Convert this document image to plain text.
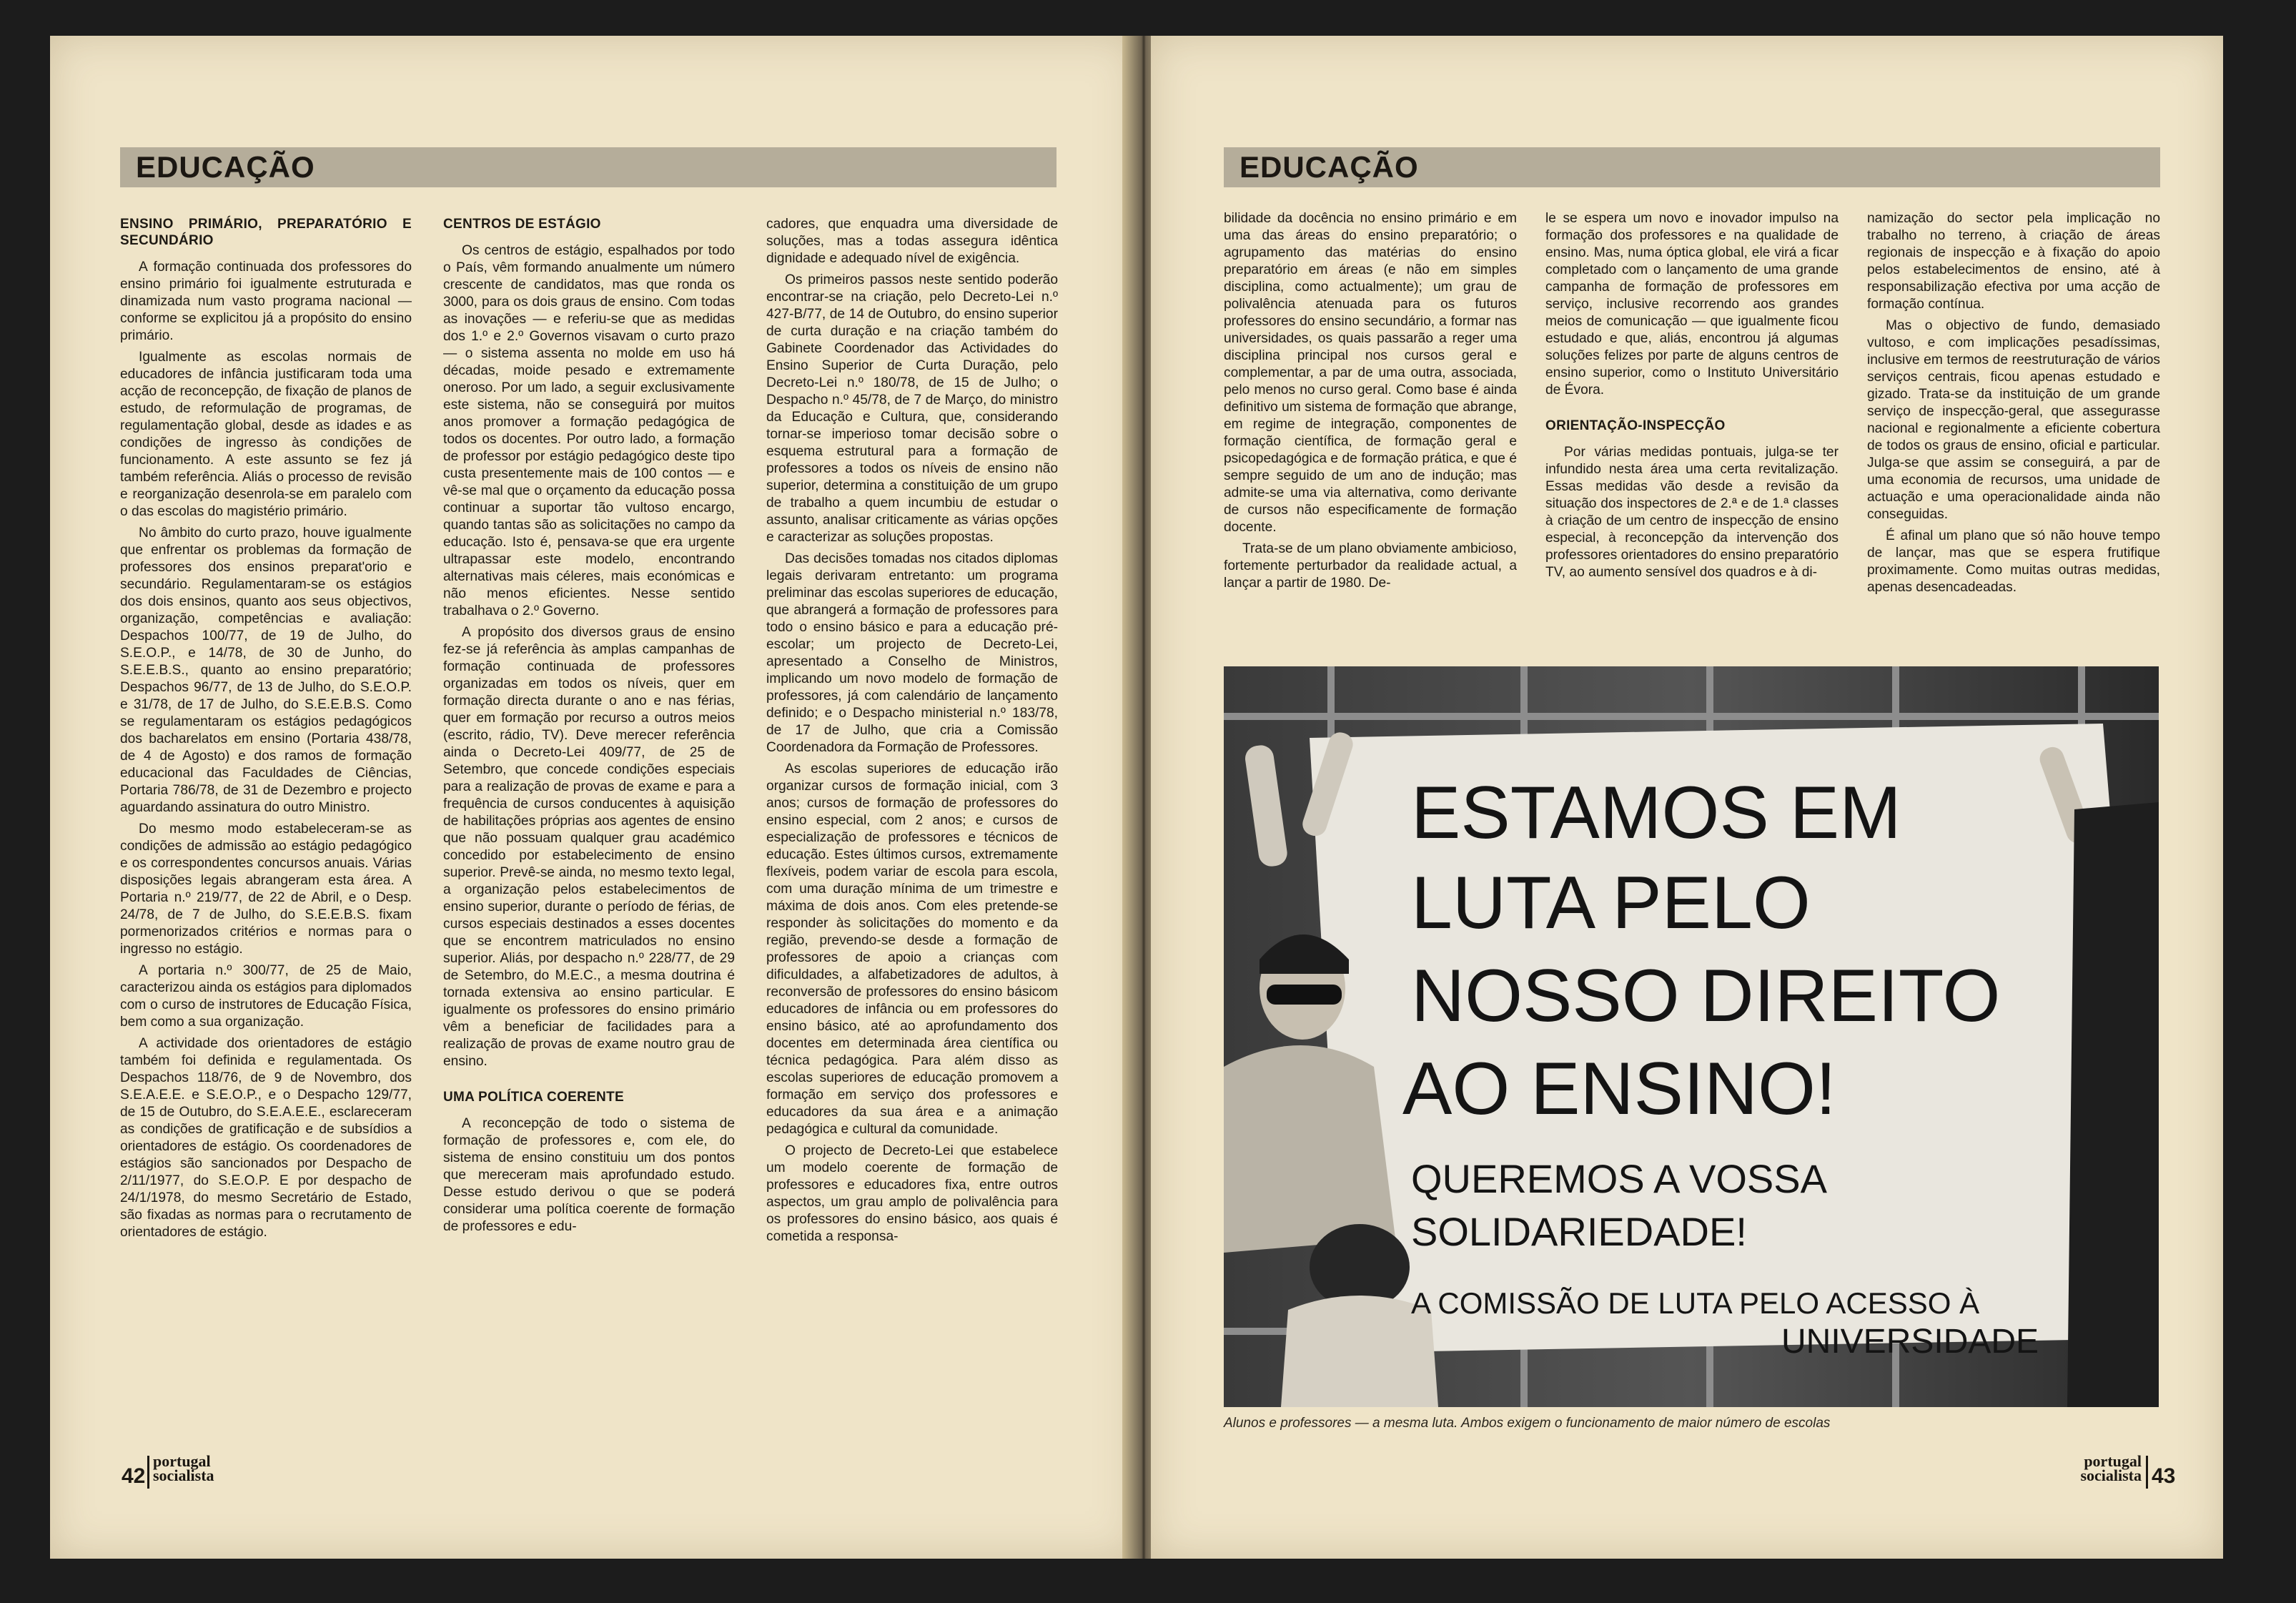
EDUCAÇÃO
ENSINO PRIMÁRIO, PREPARATÓRIO E SECUNDÁRIO

A formação continuada dos professores do ensino primário foi igualmente estruturada e dinamizada num vasto programa nacional — conforme se explicitou já a propósito do ensino primário.

Igualmente as escolas normais de educadores de infância justificaram toda uma acção de reconcepção, de fixação de planos de estudo, de reformulação de programas, de regulamentação global, desde as idades e as condições de ingresso às condições de funcionamento. A este assunto se fez já também referência. Aliás o processo de revisão e reorganização desenrola-se em paralelo com o das escolas do magistério primário.

No âmbito do curto prazo, houve igualmente que enfrentar os problemas da formação de professores dos ensinos preparat'orio e secundário. Regulamentaram-se os estágios dos dois ensinos, quanto aos seus objectivos, organização, competências e avaliação: Despachos 100/77, de 19 de Julho, do S.E.O.P., e 14/78, de 30 de Junho, do S.E.E.B.S., quanto ao ensino preparatório; Despachos 96/77, de 13 de Julho, do S.E.O.P. e 31/78, de 17 de Julho, do S.E.E.B.S. Como se regulamentaram os estágios pedagógicos dos bacharelatos em ensino (Portaria 438/78, de 4 de Agosto) e dos ramos de formação educacional das Faculdades de Ciências, Portaria 786/78, de 31 de Dezembro e projecto aguardando assinatura do outro Ministro.

Do mesmo modo estabeleceram-se as condições de admissão ao estágio pedagógico e os correspondentes concursos anuais. Várias disposições legais abrangeram esta área. A Portaria n.º 219/77, de 22 de Abril, e o Desp. 24/78, de 7 de Julho, do S.E.E.B.S. fixam pormenorizados critérios e normas para o ingresso no estágio.

A portaria n.º 300/77, de 25 de Maio, caracterizou ainda os estágios para diplomados com o curso de instrutores de Educação Física, bem como a sua organização.

A actividade dos orientadores de estágio também foi definida e regulamentada. Os Despachos 118/76, de 9 de Novembro, dos S.E.A.E.E. e S.E.O.P., e o Despacho 129/77, de 15 de Outubro, do S.E.A.E.E., esclareceram as condições de gratificação e de subsídios a orientadores de estágio. Os coordenadores de estágios são sancionados por Despacho de 2/11/1977, do S.E.O.P. E por despacho de 24/1/1978, do mesmo Secretário de Estado, são fixadas as normas para o recrutamento de orientadores de estágio.

CENTROS DE ESTÁGIO

Os centros de estágio, espalhados por todo o País, vêm formando anualmente um número crescente de candidatos, mas que ronda os 3000, para os dois graus de ensino. Com todas as inovações — e referiu-se que as medidas dos 1.º e 2.º Governos visavam o curto prazo — o sistema assenta no molde em uso há décadas, moide pesado e extremamente oneroso. Por um lado, a seguir exclusivamente este sistema, não se conseguirá por muitos anos promover a formação pedagógica de todos os docentes. Por outro lado, a formação de professor por estágio pedagógico deste tipo custa presentemente mais de 100 contos — e vê-se mal que o orçamento da educação possa continuar a suportar tão vultoso encargo, quando tantas são as solicitações no campo da educação. Isto é, pensava-se que era urgente ultrapassar este modelo, encontrando alternativas mais céleres, mais económicas e não menos eficientes. Nesse sentido trabalhava o 2.º Governo.

A propósito dos diversos graus de ensino fez-se já referência às amplas campanhas de formação continuada de professores organizadas em todos os níveis, quer em formação directa durante o ano e nas férias, quer em formação por recurso a outros meios (escrito, rádio, TV). Deve merecer referência ainda o Decreto-Lei 409/77, de 25 de Setembro, que concede condições especiais para a realização de provas de exame e para a frequência de cursos conducentes à aquisição de habilitações próprias aos agentes de ensino que não possuam qualquer grau académico concedido por estabelecimento de ensino superior. Prevê-se ainda, no mesmo texto legal, a organização pelos estabelecimentos de ensino superior, durante o período de férias, de cursos especiais destinados a esses docentes que se encontrem matriculados no ensino superior. Aliás, por despacho n.º 228/77, de 29 de Setembro, do M.E.C., a mesma doutrina é tornada extensiva ao ensino particular. E igualmente os professores do ensino primário vêm a beneficiar de facilidades para a realização de provas de exame noutro grau de ensino.

UMA POLÍTICA COERENTE

A reconcepção de todo o sistema de formação de professores e, com ele, do sistema de ensino constituiu um dos pontos que mereceram mais aprofundado estudo. Desse estudo derivou o que se poderá considerar uma política coerente de formação de professores e edu-

cadores, que enquadra uma diversidade de soluções, mas a todas assegura idêntica dignidade e adequado nível de exigência.

Os primeiros passos neste sentido poderão encontrar-se na criação, pelo Decreto-Lei n.º 427-B/77, de 14 de Outubro, do ensino superior de curta duração e na criação também do Gabinete Coordenador das Actividades do Ensino Superior de Curta Duração, pelo Decreto-Lei n.º 180/78, de 15 de Julho; o Despacho n.º 45/78, de 7 de Março, do ministro da Educação e Cultura, que, considerando tornar-se imperioso tomar decisão sobre o esquema estrutural para a formação de professores a todos os níveis de ensino não superior, determina a constituição de um grupo de trabalho a quem incumbiu de estudar o assunto, analisar criticamente as várias opções e caracterizar as soluções propostas.

Das decisões tomadas nos citados diplomas legais derivaram entretanto: um programa preliminar das escolas superiores de educação, que abrangerá a formação de professores para todo o ensino básico e para a educação pré-escolar; um projecto de Decreto-Lei, apresentado a Conselho de Ministros, implicando um novo modelo de formação de professores, já com calendário de lançamento definido; e o Despacho ministerial n.º 183/78, de 17 de Julho, que cria a Comissão Coordenadora da Formação de Professores.

As escolas superiores de educação irão organizar cursos de formação inicial, com 3 anos; cursos de formação de professores do ensino especial, com 2 anos; e cursos de especialização de professores e técnicos de educação. Estes últimos cursos, extremamente flexíveis, podem variar de escola para escola, com uma duração mínima de um trimestre e máxima de dois anos. Com eles pretende-se responder às solicitações do momento e da região, prevendo-se desde a formação de professores de apoio a crianças com dificuldades, a alfabetizadores de adultos, à reconversão de professores do ensino básicom educadores de infância ou em professores do ensino básico, até ao aprofundamento dos docentes em determinada área científica ou técnica pedagógica. Para além disso as escolas superiores de educação promovem a formação em serviço dos professores e educadores da sua área e a animação pedagógica e cultural da comunidade.

O projecto de Decreto-Lei que estabelece um modelo coerente de formação de professores e educadores fixa, entre outros aspectos, um grau amplo de polivalência para os professores do ensino básico, aos quais é cometida a responsa-

42
portugal
socialista
EDUCAÇÃO

bilidade da docência no ensino primário e em uma das áreas do ensino preparatório; o agrupamento das matérias do ensino preparatório em áreas (e não em simples disciplina, como actualmente); um grau de polivalência atenuada para os futuros professores do ensino secundário, a formar nas universidades, os quais passarão a reger uma disciplina principal nos cursos geral e complementar, a par de uma outra, associada, pelo menos no curso geral. Como base é ainda definitivo um sistema de formação que abrange, em regime de integração, componentes de formação científica, de formação geral e psicopedagógica e de formação prática, e que é sempre seguido de um ano de indução; mas admite-se uma via alternativa, como derivante de cursos não especificamente de formação docente.

Trata-se de um plano obviamente ambicioso, fortemente perturbador da realidade actual, a lançar a partir de 1980. De-

le se espera um novo e inovador impulso na formação dos professores e na qualidade de ensino. Mas, numa óptica global, ele virá a ficar completado com o lançamento de uma grande campanha de formação de professores em serviço, inclusive recorrendo aos grandes meios de comunicação — que igualmente ficou estudado e que, aliás, encontrou já algumas soluções felizes por parte de alguns centros de ensino superior, como o Instituto Universitário de Évora.

ORIENTAÇÃO-INSPECÇÃO

Por várias medidas pontuais, julga-se ter infundido nesta área uma certa revitalização. Essas medidas vão desde a revisão da situação dos inspectores de 2.ª e de 1.ª classes à criação de um centro de inspecção de ensino especial, à reconcepção da intervenção dos professores orientadores do ensino preparatório TV, ao aumento sensível dos quadros e à di-

namização do sector pela implicação no trabalho no terreno, à criação de áreas regionais de inspecção e à fixação do apoio pelos estabelecimentos de ensino, até à responsabilização efectiva por uma acção de formação contínua.

Mas o objectivo de fundo, demasiado vultoso, e com implicações pesadíssimas, inclusive em termos de reestruturação de vários serviços centrais, ficou apenas estudado e gizado. Trata-se da instituição de um grande serviço de inspecção-geral, que assegurasse nacional e regionalmente a eficiente cobertura de todos os graus de ensino, oficial e particular. Julga-se que assim se conseguirá, a par de uma economia de recursos, uma unidade de actuação e uma operacionalidade ainda não conseguidas.

É afinal um plano que só não houve tempo de lançar, mas que se espera frutifique proximamente. Como muitas outras medidas, apenas desencadeadas.

ESTAMOS EM
LUTA PELO
NOSSO DIREITO
AO ENSINO!
QUEREMOS A VOSSA
SOLIDARIEDADE!
A COMISSÃO DE LUTA PELO ACESSO À
UNIVERSIDADE
Alunos e professores — a mesma luta. Ambos exigem o funcionamento de maior número de escolas
portugal
socialista 43
